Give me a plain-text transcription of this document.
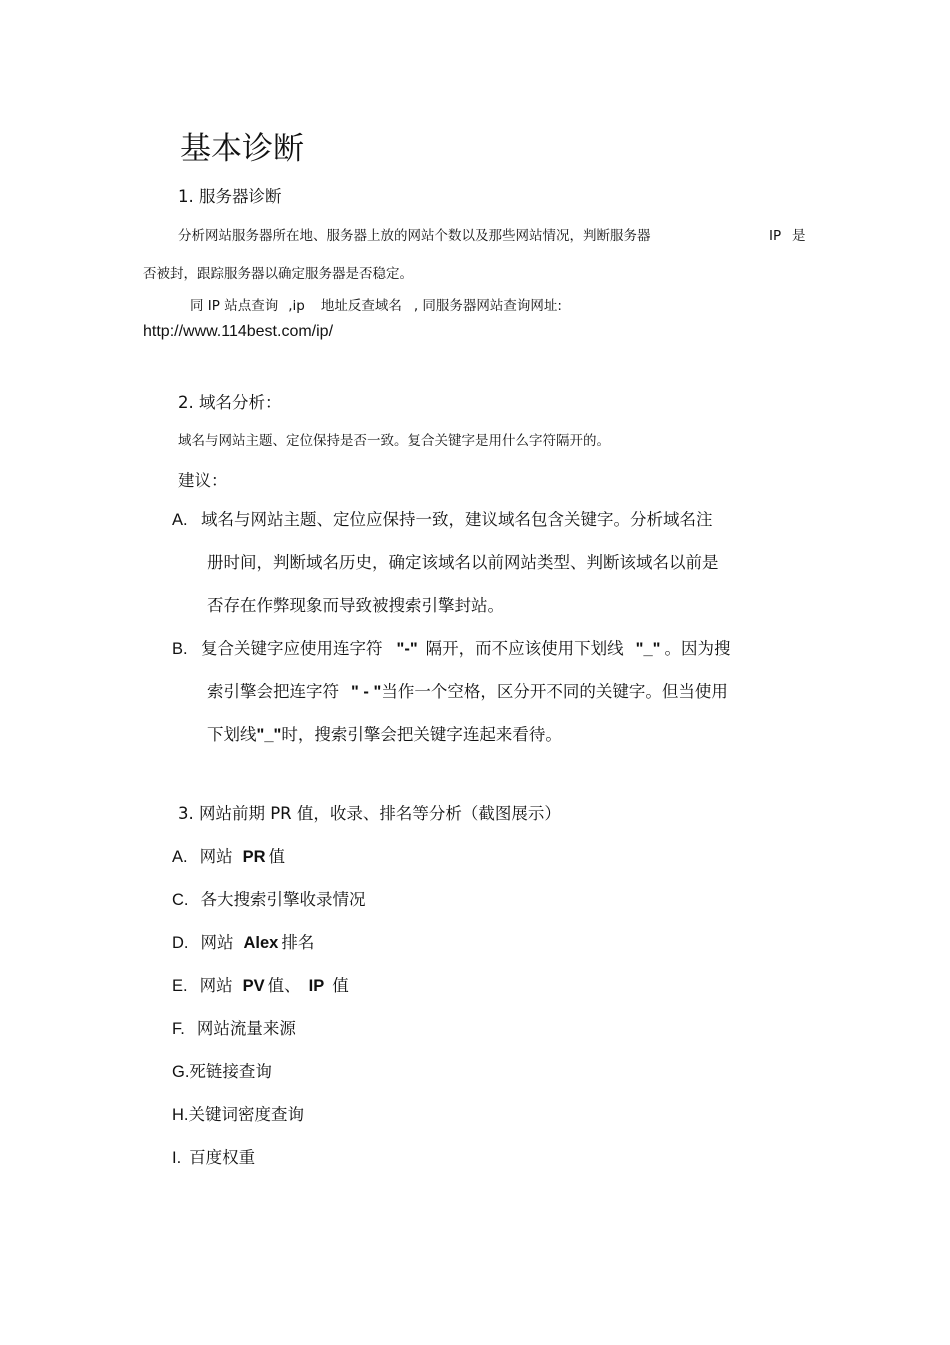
基本诊断
1. 服务器诊断
分析网站服务器所在地、服务器上放的网站个数以及那些网站情况，判断服务器	IP 是
否被封，跟踪服务器以确定服务器是否稳定。
同 IP 站点查询 ,ip 地址反查域名 , 同服务器网站查询网址:
http://www.114best.com/ip/
2. 域名分析：
域名与网站主题、定位保持是否一致。复合关键字是用什么字符隔开的。
建议：
A. 域名与网站主题、定位应保持一致，建议域名包含关键字。分析域名注
册时间，判断域名历史，确定该域名以前网站类型、判断该域名以前是
否存在作弊现象而导致被搜索引擎封站。
B. 复合关键字应使用连字符 "-" 隔开，而不应该使用下划线 "_" 。因为搜
索引擎会把连字符 " - "当作一个空格，区分开不同的关键字。但当使用
下划线"_"时，搜索引擎会把关键字连起来看待。
3. 网站前期 PR 值，收录、排名等分析（截图展示）
A. 网站 PR 值
C. 各大搜索引擎收录情况
D. 网站 Alex 排名
E. 网站 PV 值、 IP 值
F. 网站流量来源
G.死链接查询
H.关键词密度查询
I. 百度权重
